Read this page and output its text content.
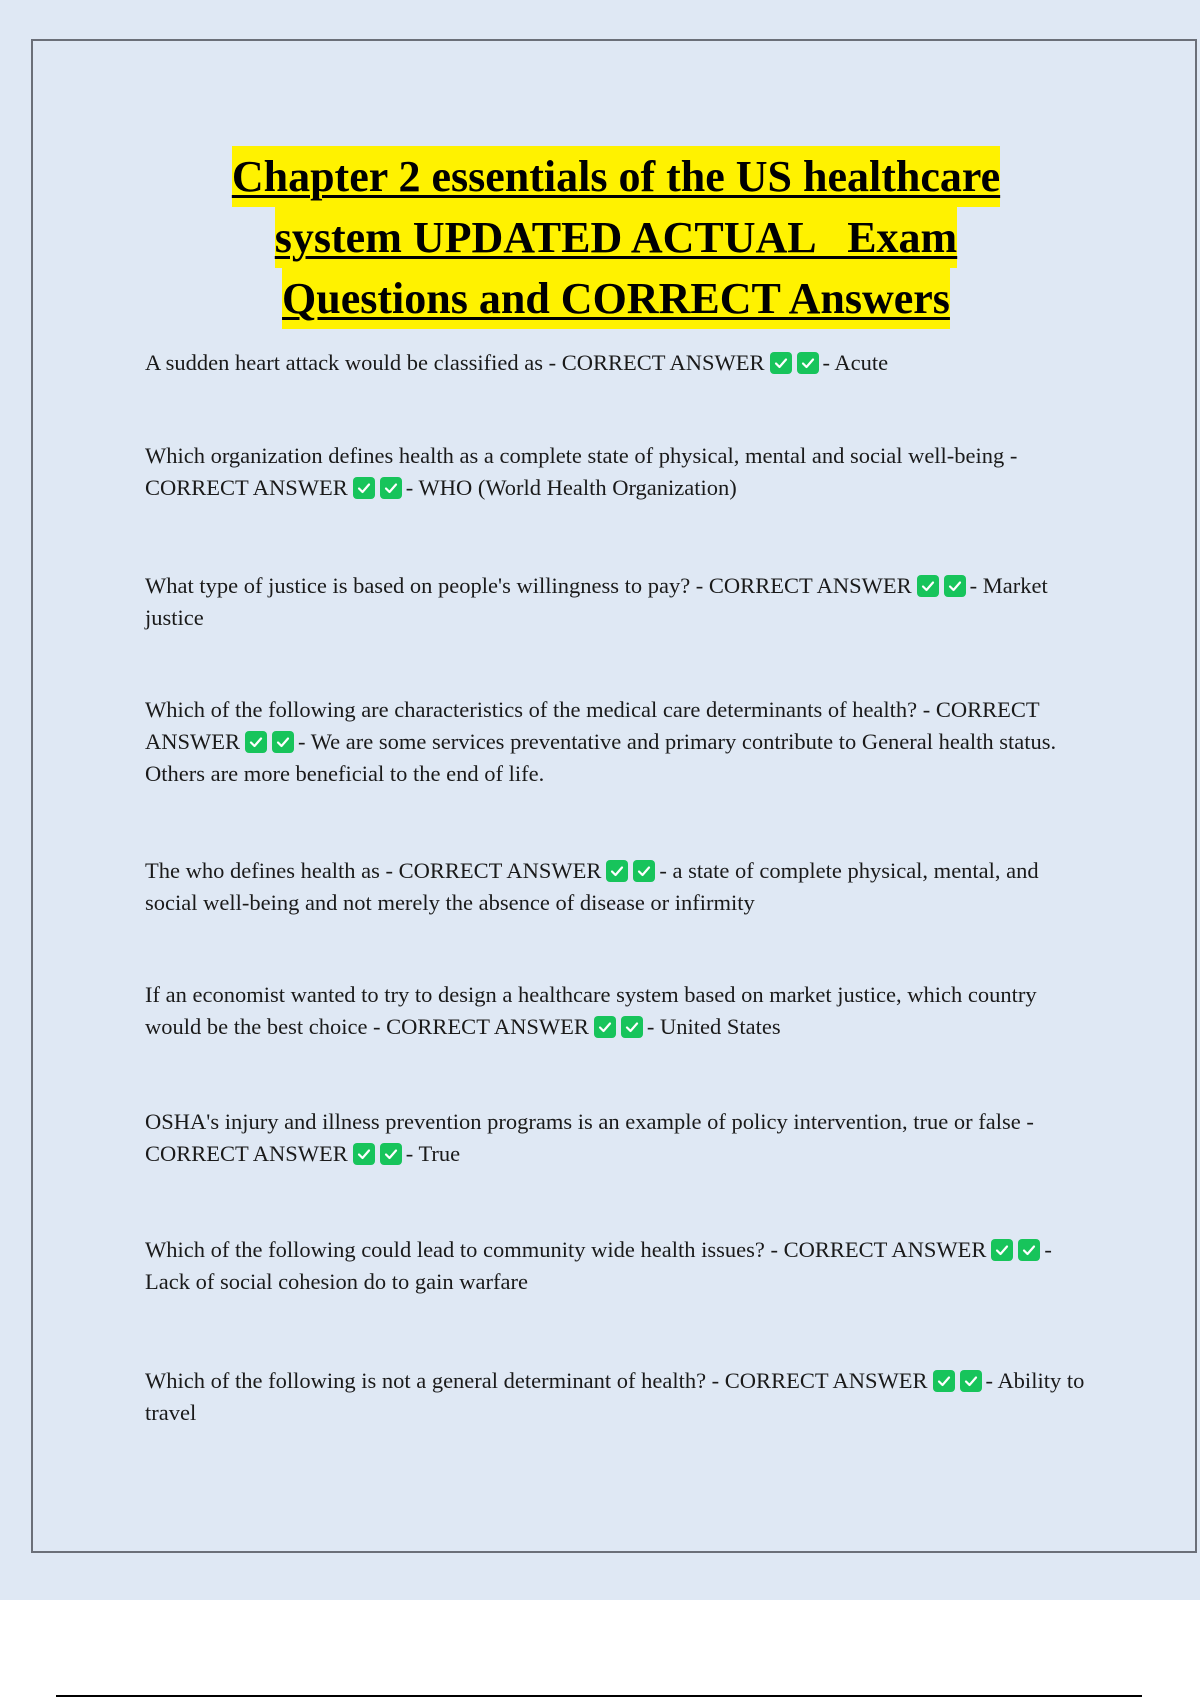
Chapter 2 essentials of the US healthcare
system UPDATED ACTUAL   Exam
Questions and CORRECT Answers
A sudden heart attack would be classified as - CORRECT ANSWER	- Acute
Which organization defines health as a complete state of physical, mental and social well-being - CORRECT ANSWER	- WHO (World Health Organization)
What type of justice is based on people's willingness to pay? - CORRECT ANSWER	- Market justice
Which of the following are characteristics of the medical care determinants of health? - CORRECT ANSWER	- We are some services preventative and primary contribute to General health status. Others are more beneficial to the end of life.
The who defines health as - CORRECT ANSWER	- a state of complete physical, mental, and social well-being and not merely the absence of disease or infirmity
If an economist wanted to try to design a healthcare system based on market justice, which country would be the best choice - CORRECT ANSWER	- United States
OSHA's injury and illness prevention programs is an example of policy intervention, true or false - CORRECT ANSWER	- True
Which of the following could lead to community wide health issues? - CORRECT ANSWER	- Lack of social cohesion do to gain warfare
Which of the following is not a general determinant of health? - CORRECT ANSWER	- Ability to travel
